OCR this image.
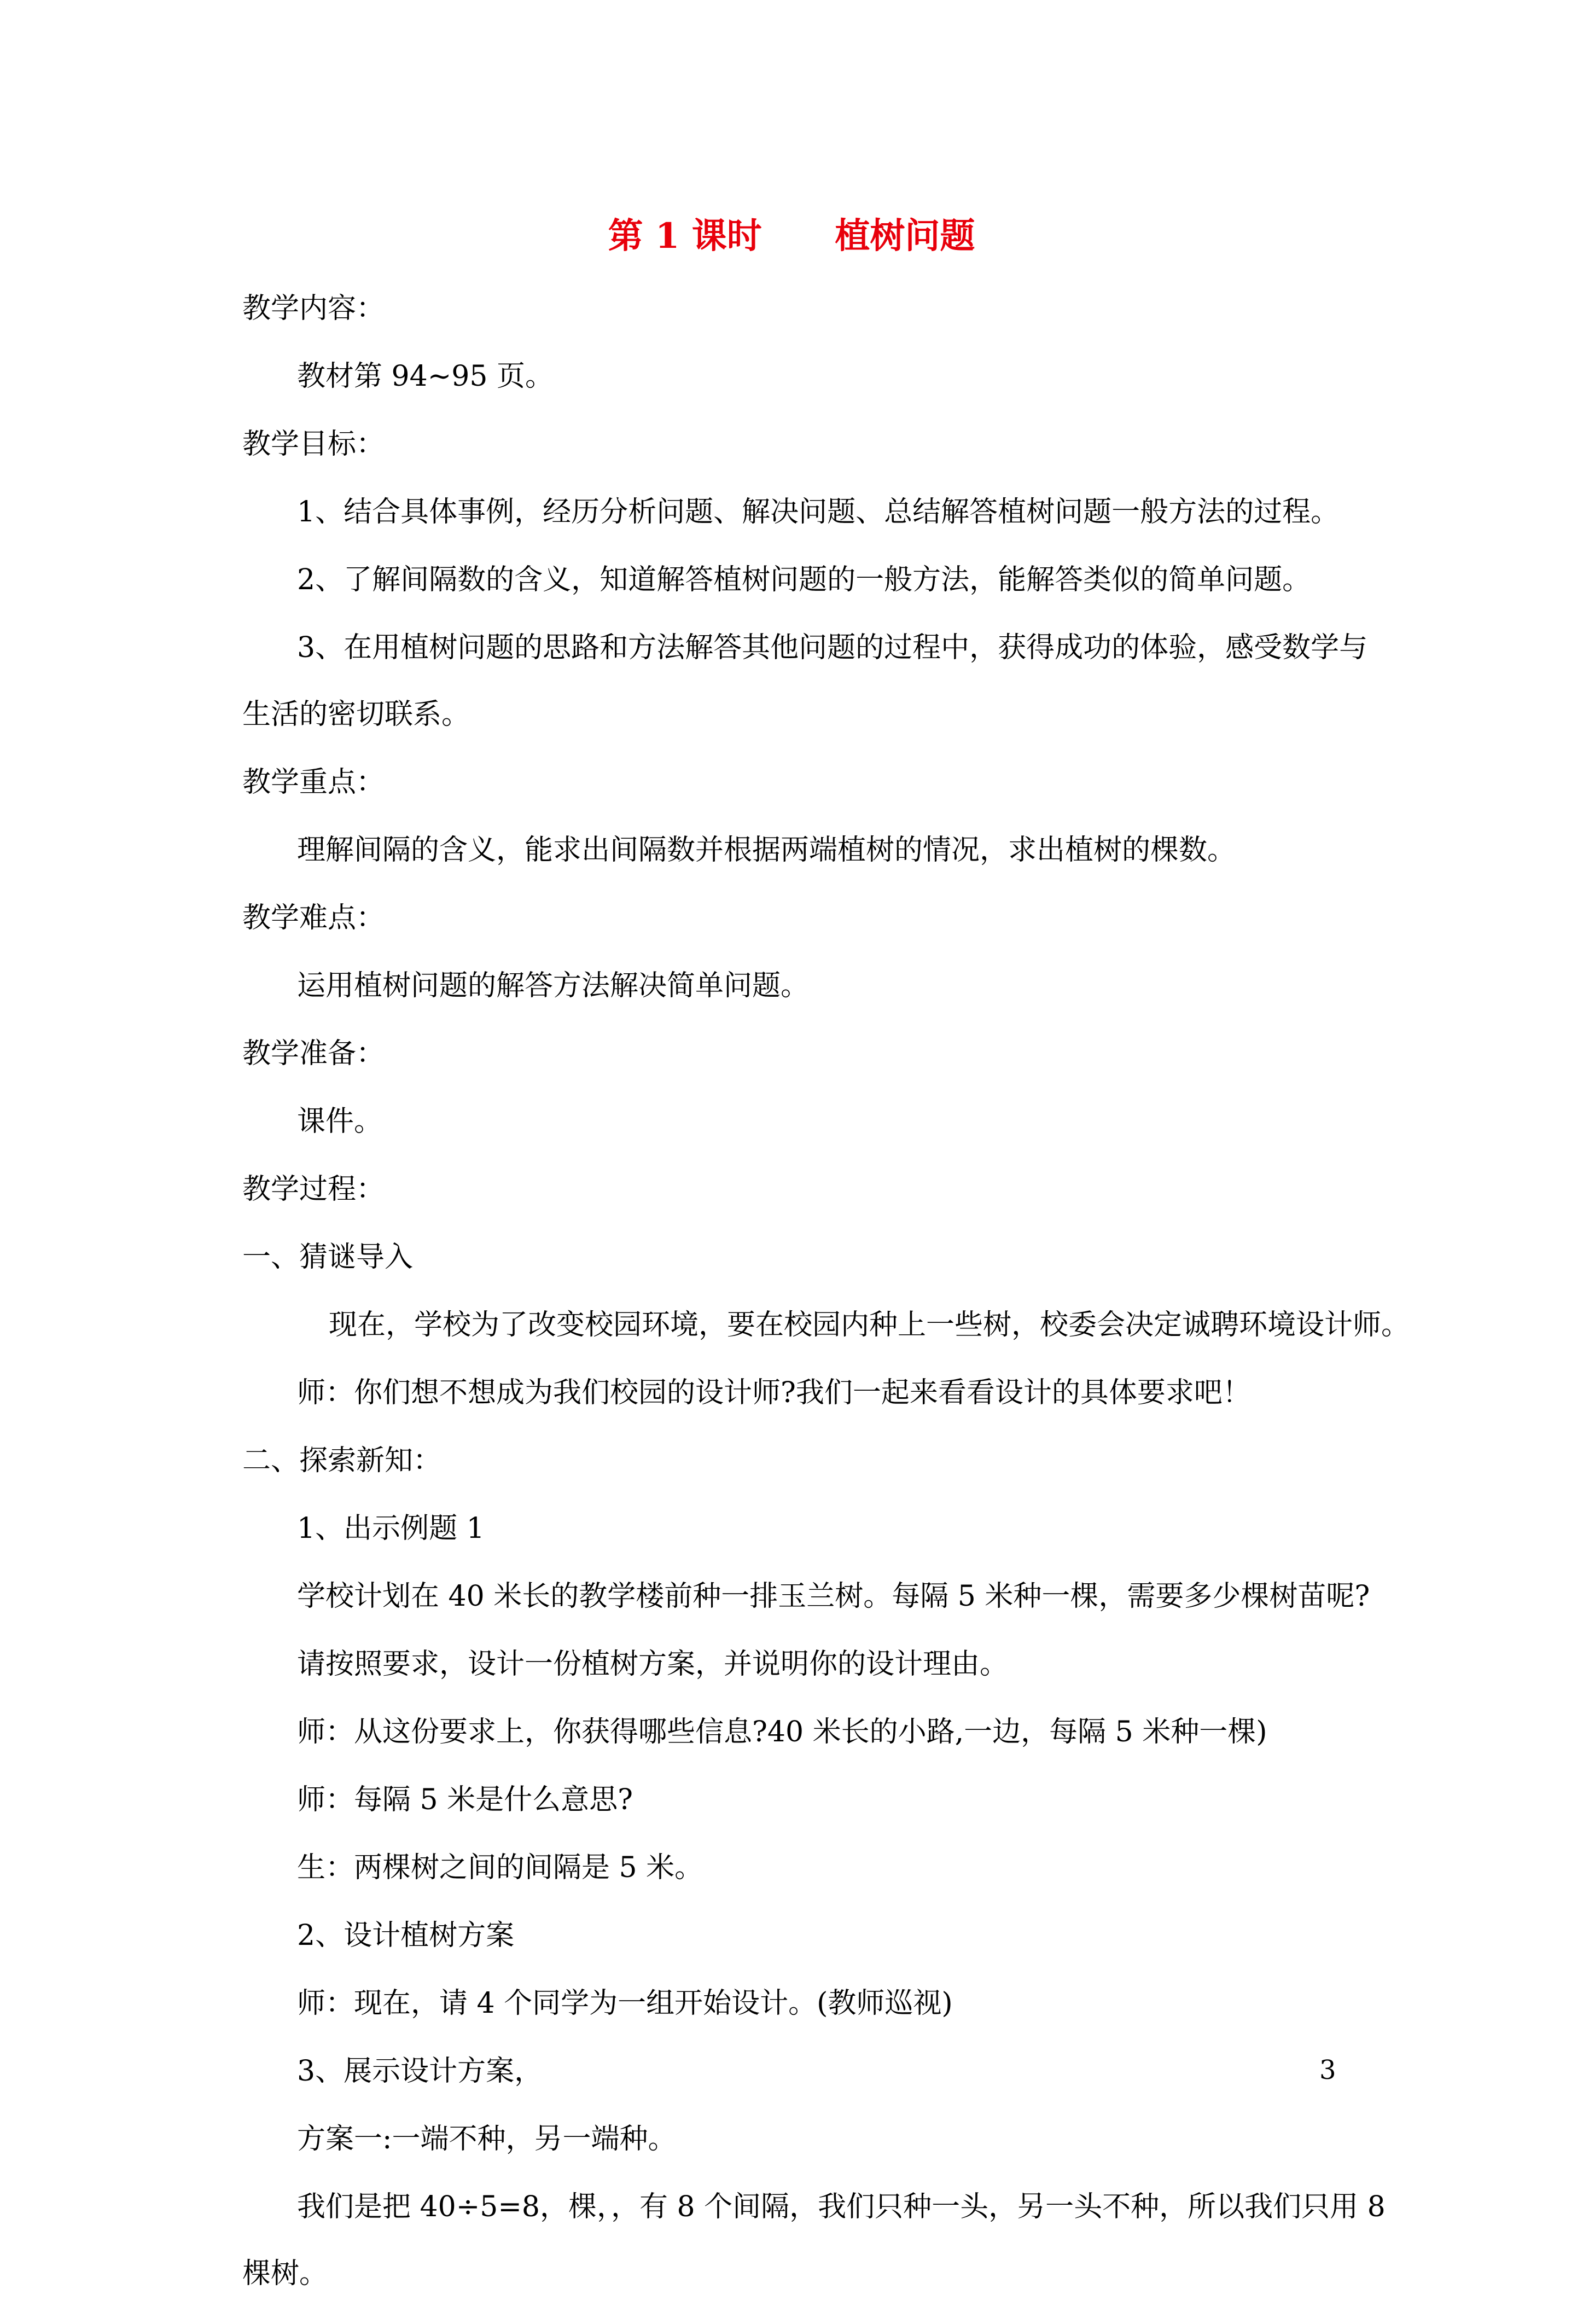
第 1 课时      植树问题
教学内容：
教材第 94~95 页。
教学目标：
1、结合具体事例，经历分析问题、解决问题、总结解答植树问题一般方法的过程。
2、了解间隔数的含义，知道解答植树问题的一般方法，能解答类似的简单问题。
3、在用植树问题的思路和方法解答其他问题的过程中，获得成功的体验，感受数学与
生活的密切联系。
教学重点：
理解间隔的含义，能求出间隔数并根据两端植树的情况，求出植树的棵数。
教学难点：
运用植树问题的解答方法解决简单问题。
教学准备：
课件。
教学过程：
一、猜谜导入
现在，学校为了改变校园环境，要在校园内种上一些树，校委会决定诚聘环境设计师。
师：你们想不想成为我们校园的设计师?我们一起来看看设计的具体要求吧！
二、探索新知：
1、出示例题 1
学校计划在 40 米长的教学楼前种一排玉兰树。每隔 5 米种一棵，需要多少棵树苗呢?
请按照要求，设计一份植树方案，并说明你的设计理由。
师：从这份要求上，你获得哪些信息?40 米长的小路,一边，每隔 5 米种一棵)
师：每隔 5 米是什么意思?
生：两棵树之间的间隔是 5 米。
2、设计植树方案
师：现在，请 4 个同学为一组开始设计。(教师巡视)
3、展示设计方案，
方案一:一端不种，另一端种。
我们是把 40÷5=8，棵，，有 8 个间隔，我们只种一头，另一头不种，所以我们只用 8
棵树。
3
